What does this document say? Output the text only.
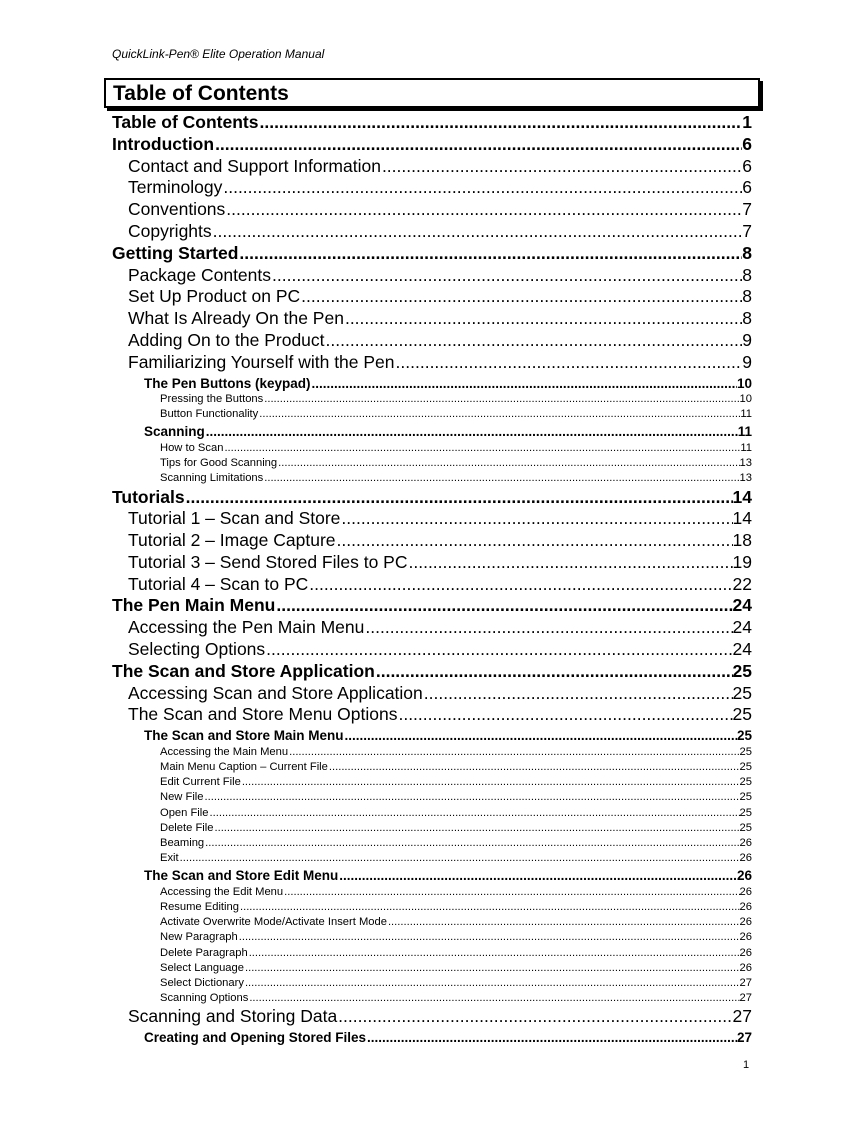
QuickLink-Pen® Elite Operation Manual
Table of Contents
Table of Contents .....	1
Introduction .....	6
Contact and Support Information .....	6
Terminology .....	6
Conventions .....	7
Copyrights .....	7
Getting Started .....	8
Package Contents .....	8
Set Up Product on PC .....	8
What Is Already On the Pen .....	8
Adding On to the Product .....	9
Familiarizing Yourself with the Pen .....	9
The Pen Buttons (keypad) .....	10
Pressing the Buttons .....	10
Button Functionality .....	11
Scanning .....	11
How to Scan .....	11
Tips for Good Scanning .....	13
Scanning Limitations .....	13
Tutorials .....	14
Tutorial 1 – Scan and Store .....	14
Tutorial 2 – Image Capture .....	18
Tutorial 3 – Send Stored Files to PC .....	19
Tutorial 4 – Scan to PC .....	22
The Pen Main Menu .....	24
Accessing the Pen Main Menu .....	24
Selecting Options .....	24
The Scan and Store Application .....	25
Accessing Scan and Store Application .....	25
The Scan and Store Menu Options .....	25
The Scan and Store Main Menu .....	25
Accessing the Main Menu .....	25
Main Menu Caption – Current File .....	25
Edit Current File .....	25
New File .....	25
Open File .....	25
Delete File .....	25
Beaming .....	26
Exit .....	26
The Scan and Store Edit Menu .....	26
Accessing the Edit Menu .....	26
Resume Editing .....	26
Activate Overwrite Mode/Activate Insert Mode .....	26
New Paragraph .....	26
Delete Paragraph .....	26
Select Language .....	26
Select Dictionary .....	27
Scanning Options .....	27
Scanning and Storing Data .....	27
Creating and Opening Stored Files .....	27
1
